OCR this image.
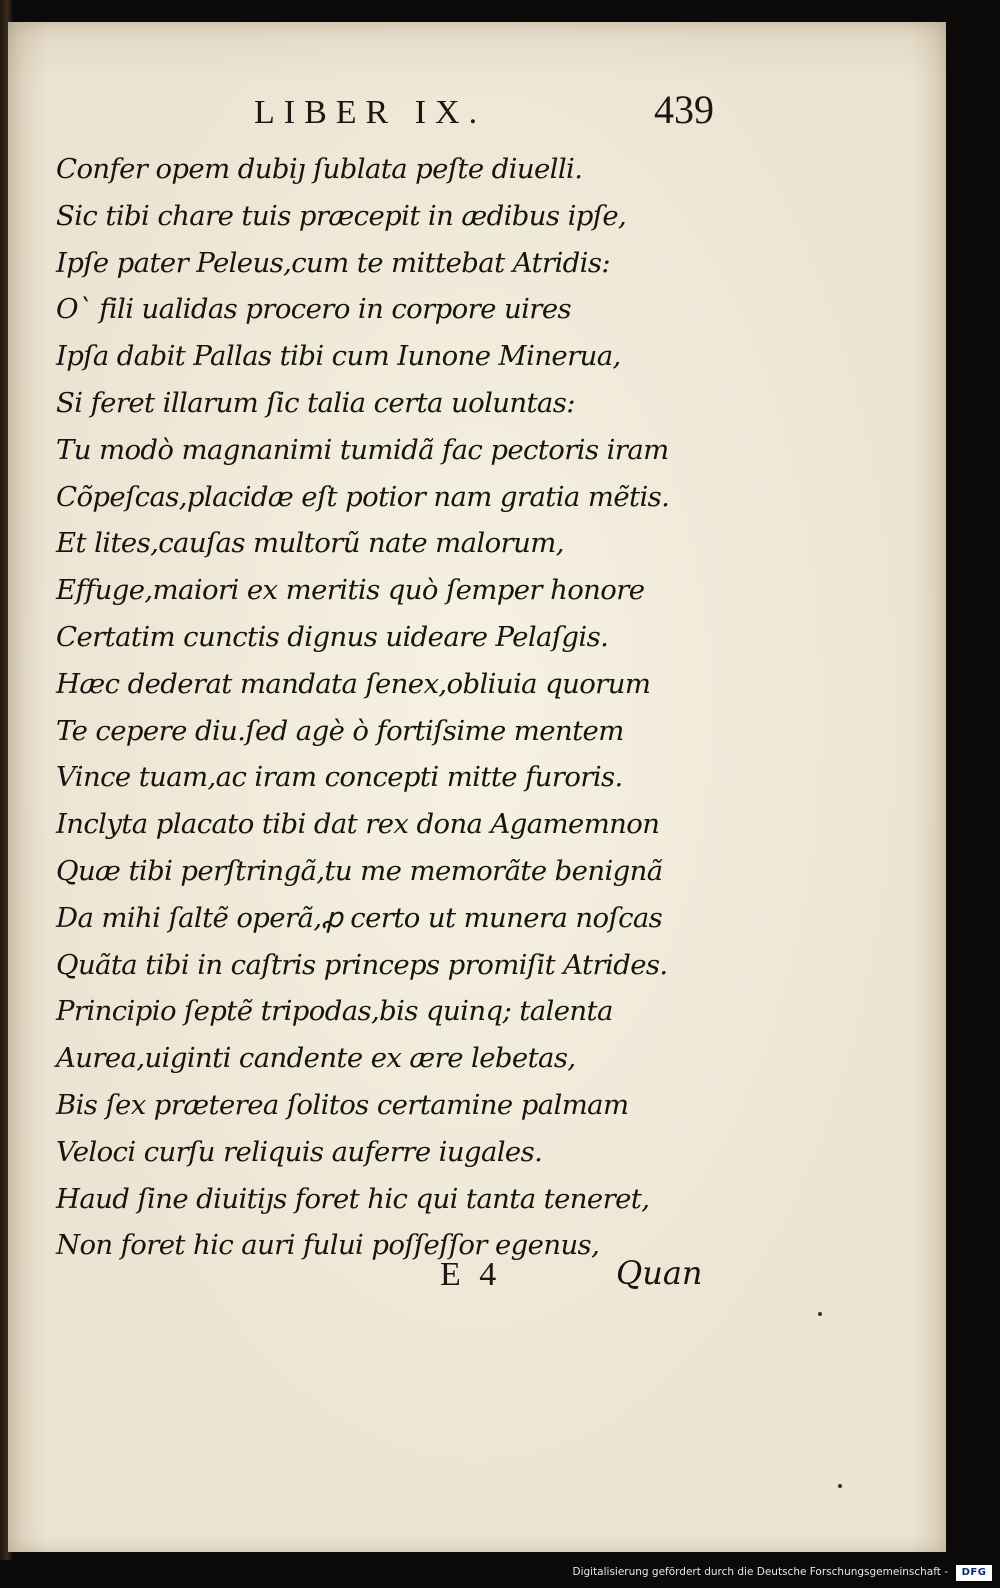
LIBER IX.	439
Confer opem dubiȷ ſublata peſte diuelli.
Sic tibi chare tuis præcepit in ædibus ipſe,
Ipſe pater Peleus,cum te mittebat Atridis:
O` fili ualidas procero in corpore uires
Ipſa dabit Pallas tibi cum Iunone Minerua,
Si feret illarum ſic talia certa uoluntas:
Tu modò magnanimi tumidã fac pectoris iram
Cõpeſcas,placidæ eſt potior nam gratia mẽtis.
Et lites,cauſas multorũ nate malorum,
Effuge,maiori ex meritis quò ſemper honore
Certatim cunctis dignus uideare Pelaſgis.
Hæc dederat mandata ſenex,obliuia quorum
Te cepere diu.ſed agè ò fortiſsime mentem
Vince tuam,ac iram concepti mitte furoris.
Inclyta placato tibi dat rex dona Agamemnon
Quæ tibi perſtringã,tu me memorãte benignã
Da mihi ſaltẽ operã,ꝓ certo ut munera noſcas
Quãta tibi in caſtris princeps promiſit Atrides.
Principio ſeptẽ tripodas,bis quinq; talenta
Aurea,uiginti candente ex ære lebetas,
Bis ſex præterea ſolitos certamine palmam
Veloci curſu reliquis auferre iugales.
Haud ſine diuitiȷs foret hic qui tanta teneret,
Non foret hic auri fului poſſeſſor egenus,
E 4	Quan
Digitalisierung gefördert durch die Deutsche Forschungsgemeinschaft -	DFG
